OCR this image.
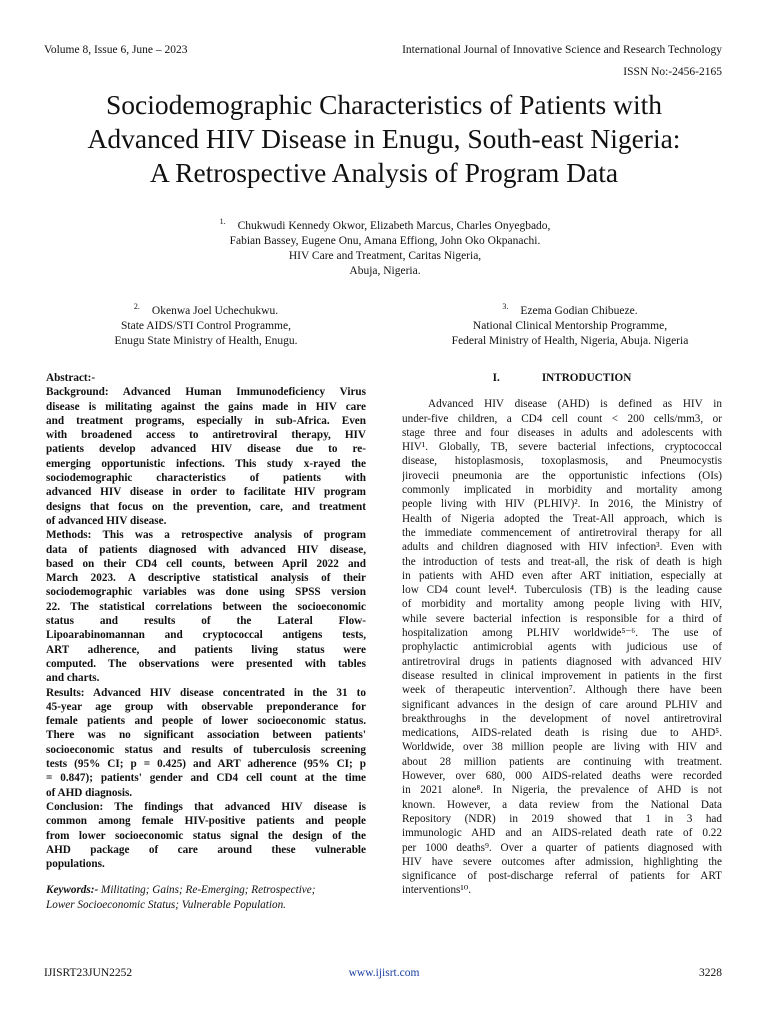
Volume 8, Issue 6, June – 2023	International Journal of Innovative Science and Research Technology
ISSN No:-2456-2165
Sociodemographic Characteristics of Patients with
Advanced HIV Disease in Enugu, South-east Nigeria:
A Retrospective Analysis of Program Data
$^{1.}$ Chukwudi Kennedy Okwor, Elizabeth Marcus, Charles Onyegbado,
Fabian Bassey, Eugene Onu, Amana Effiong, John Oko Okpanachi.
HIV Care and Treatment, Caritas Nigeria,
Abuja, Nigeria.
$^{2.}$ Okenwa Joel Uchechukwu.
State AIDS/STI Control Programme,
Enugu State Ministry of Health, Enugu.
$^{3.}$ Ezema Godian Chibueze.
National Clinical Mentorship Programme,
Federal Ministry of Health, Nigeria, Abuja. Nigeria
Abstract:-
Background: Advanced Human Immunodeficiency Virus
disease is militating against the gains made in HIV care
and treatment programs, especially in sub-Africa. Even
with broadened access to antiretroviral therapy, HIV
patients develop advanced HIV disease due to re-
emerging opportunistic infections. This study x-rayed the
sociodemographic characteristics of patients with
advanced HIV disease in order to facilitate HIV program
designs that focus on the prevention, care, and treatment
of advanced HIV disease.
Methods: This was a retrospective analysis of program
data of patients diagnosed with advanced HIV disease,
based on their CD4 cell counts, between April 2022 and
March 2023. A descriptive statistical analysis of their
sociodemographic variables was done using SPSS version
22. The statistical correlations between the socioeconomic
status and results of the Lateral Flow-
Lipoarabinomannan and cryptococcal antigens tests,
ART adherence, and patients living status were
computed. The observations were presented with tables
and charts.
Results: Advanced HIV disease concentrated in the 31 to
45-year age group with observable preponderance for
female patients and people of lower socioeconomic status.
There was no significant association between patients'
socioeconomic status and results of tuberculosis screening
tests (95% CI; p = 0.425) and ART adherence (95% CI; p
= 0.847); patients' gender and CD4 cell count at the time
of AHD diagnosis.
Conclusion: The findings that advanced HIV disease is
common among female HIV-positive patients and people
from lower socioeconomic status signal the design of the
AHD package of care around these vulnerable
populations.
Keywords:- Militating; Gains; Re-Emerging; Retrospective;
Lower Socioeconomic Status; Vulnerable Population.
I.	INTRODUCTION
Advanced HIV disease (AHD) is defined as HIV in
under-five children, a CD4 cell count < 200 cells/mm3, or
stage three and four diseases in adults and adolescents with
HIV¹. Globally, TB, severe bacterial infections, cryptococcal
disease, histoplasmosis, toxoplasmosis, and Pneumocystis
jirovecii pneumonia are the opportunistic infections (OIs)
commonly implicated in morbidity and mortality among
people living with HIV (PLHIV)². In 2016, the Ministry of
Health of Nigeria adopted the Treat-All approach, which is
the immediate commencement of antiretroviral therapy for all
adults and children diagnosed with HIV infection³. Even with
the introduction of tests and treat-all, the risk of death is high
in patients with AHD even after ART initiation, especially at
low CD4 count level⁴. Tuberculosis (TB) is the leading cause
of morbidity and mortality among people living with HIV,
while severe bacterial infection is responsible for a third of
hospitalization among PLHIV worldwide⁵⁻⁶. The use of
prophylactic antimicrobial agents with judicious use of
antiretroviral drugs in patients diagnosed with advanced HIV
disease resulted in clinical improvement in patients in the first
week of therapeutic intervention⁷. Although there have been
significant advances in the design of care around PLHIV and
breakthroughs in the development of novel antiretroviral
medications, AIDS-related death is rising due to AHD⁵.
Worldwide, over 38 million people are living with HIV and
about 28 million patients are continuing with treatment.
However, over 680, 000 AIDS-related deaths were recorded
in 2021 alone⁸. In Nigeria, the prevalence of AHD is not
known. However, a data review from the National Data
Repository (NDR) in 2019 showed that 1 in 3 had
immunologic AHD and an AIDS-related death rate of 0.22
per 1000 deaths⁹. Over a quarter of patients diagnosed with
HIV have severe outcomes after admission, highlighting the
significance of post-discharge referral of patients for ART
interventions¹⁰.
IJISRT23JUN2252	www.ijisrt.com	3228
